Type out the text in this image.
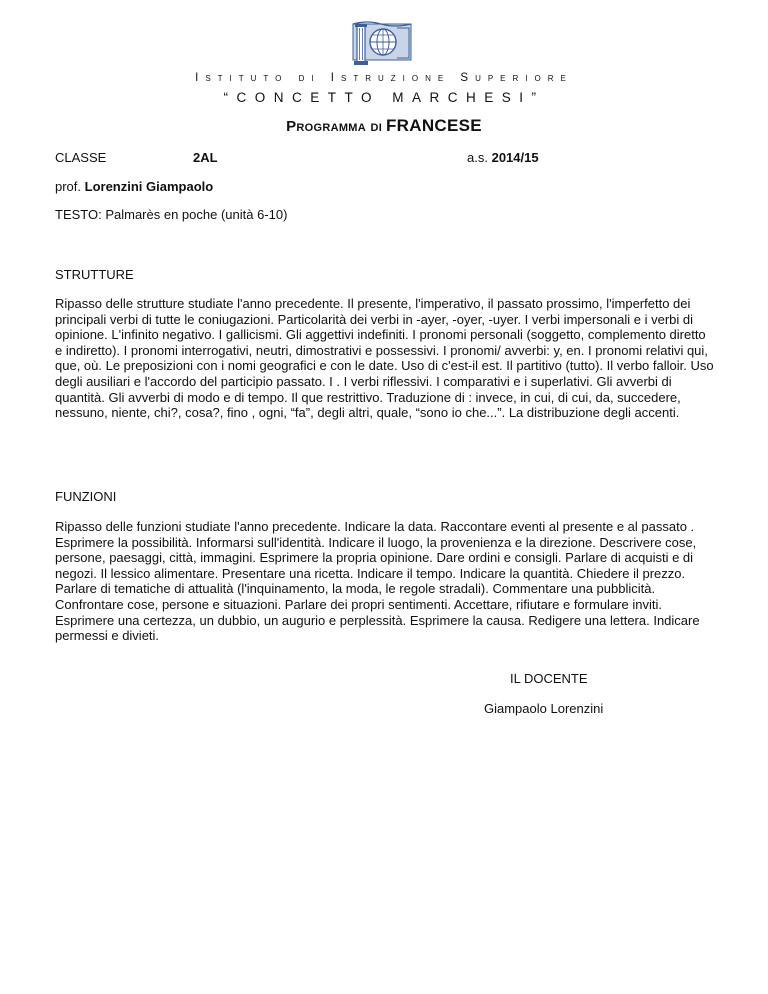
Istituto di Istruzione Superiore
“CONCETTO MARCHESI”
Programma di FRANCESE
CLASSE	2AL	a.s. 2014/15
prof. Lorenzini Giampaolo
TESTO: Palmarès en poche (unità 6-10)
STRUTTURE
Ripasso delle strutture studiate l'anno precedente. Il presente, l'imperativo, il passato prossimo, l'imperfetto dei principali verbi di tutte le coniugazioni. Particolarità dei verbi in -ayer, -oyer, -uyer. I verbi impersonali e i verbi di opinione. L'infinito negativo. I gallicismi. Gli aggettivi indefiniti. I pronomi personali (soggetto, complemento diretto e indiretto). I pronomi interrogativi, neutri, dimostrativi e possessivi. I pronomi/ avverbi: y, en. I pronomi relativi qui, que, où. Le preposizioni con i nomi geografici e con le date. Uso di c'est-il est. Il partitivo (tutto). Il verbo falloir. Uso degli ausiliari e l'accordo del participio passato. I . I verbi riflessivi. I comparativi e i superlativi. Gli avverbi di quantità. Gli avverbi di modo e di tempo. Il que restrittivo. Traduzione di : invece, in cui, di cui, da, succedere, nessuno, niente, chi?, cosa?, fino , ogni, “fa”, degli altri, quale, “sono io che...”. La distribuzione degli accenti.
FUNZIONI
Ripasso delle funzioni studiate l'anno precedente. Indicare la data. Raccontare eventi al presente e al passato . Esprimere la possibilità. Informarsi sull'identità. Indicare il luogo, la provenienza e la direzione. Descrivere cose, persone, paesaggi, città, immagini. Esprimere la propria opinione. Dare ordini e consigli. Parlare di acquisti e di negozi. Il lessico alimentare. Presentare una ricetta. Indicare il tempo. Indicare la quantità. Chiedere il prezzo. Parlare di tematiche di attualità (l'inquinamento, la moda, le regole stradali). Commentare una pubblicità. Confrontare cose, persone e situazioni. Parlare dei propri sentimenti. Accettare, rifiutare e formulare inviti. Esprimere una certezza, un dubbio, un augurio e perplessità. Esprimere la causa. Redigere una lettera. Indicare permessi e divieti.
IL DOCENTE
Giampaolo Lorenzini
